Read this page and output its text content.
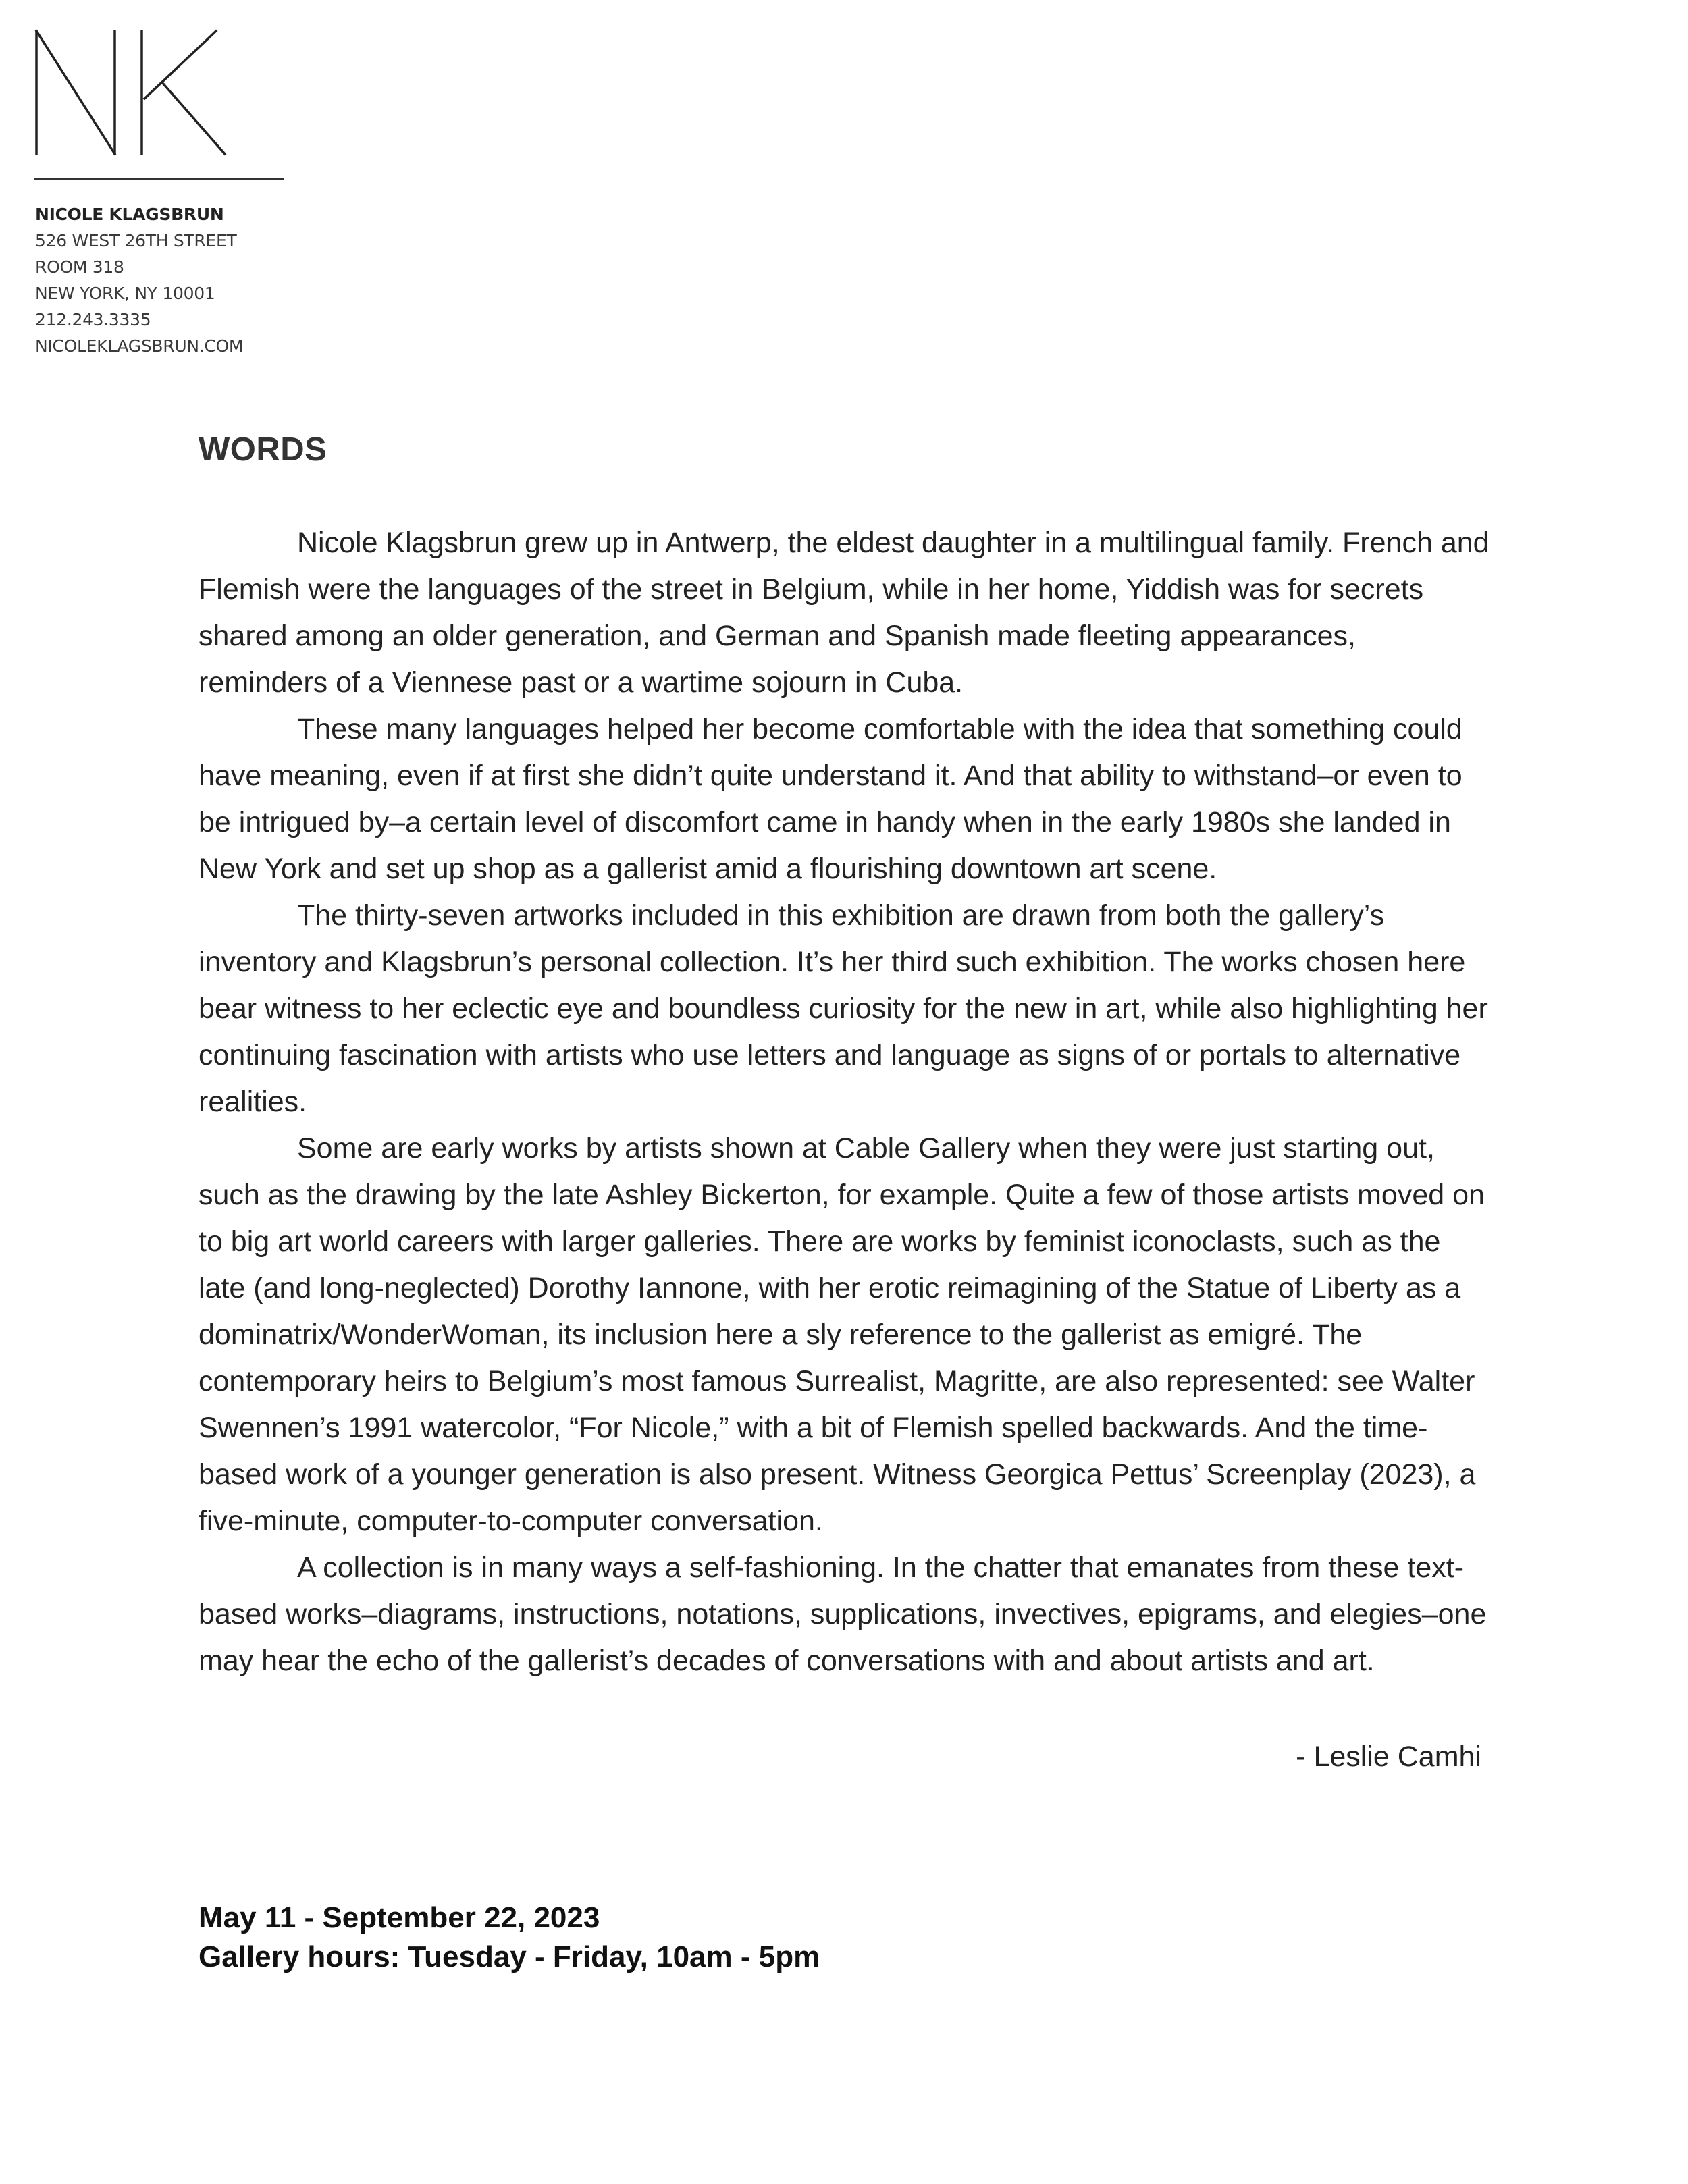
NICOLE KLAGSBRUN
526 WEST 26TH STREET
ROOM 318
NEW YORK, NY 10001
212.243.3335
NICOLEKLAGSBRUN.COM
WORDS

Nicole Klagsbrun grew up in Antwerp, the eldest daughter in a multilingual family. French and Flemish were the languages of the street in Belgium, while in her home, Yiddish was for secrets shared among an older generation, and German and Spanish made fleeting appearances, reminders of a Viennese past or a wartime sojourn in Cuba.

These many languages helped her become comfortable with the idea that something could have meaning, even if at first she didn’t quite understand it. And that ability to withstand–or even to be intrigued by–a certain level of discomfort came in handy when in the early 1980s she landed in New York and set up shop as a gallerist amid a flourishing downtown art scene.

The thirty-seven artworks included in this exhibition are drawn from both the gallery’s inventory and Klagsbrun’s personal collection. It’s her third such exhibition. The works chosen here bear witness to her eclectic eye and boundless curiosity for the new in art, while also highlighting her continuing fascination with artists who use letters and language as signs of or portals to alternative realities.

Some are early works by artists shown at Cable Gallery when they were just starting out, such as the drawing by the late Ashley Bickerton, for example. Quite a few of those artists moved on to big art world careers with larger galleries. There are works by feminist iconoclasts, such as the late (and long-neglected) Dorothy Iannone, with her erotic reimagining of the Statue of Liberty as a dominatrix/WonderWoman, its inclusion here a sly reference to the gallerist as emigré. The contemporary heirs to Belgium’s most famous Surrealist, Magritte, are also represented: see Walter Swennen’s 1991 watercolor, “For Nicole,” with a bit of Flemish spelled backwards. And the time-based work of a younger generation is also present. Witness Georgica Pettus’ Screenplay (2023), a five-minute, computer-to-computer conversation.

A collection is in many ways a self-fashioning. In the chatter that emanates from these text-based works–diagrams, instructions, notations, supplications, invectives, epigrams, and elegies–one may hear the echo of the gallerist’s decades of conversations with and about artists and art.

- Leslie Camhi
May 11 - September 22, 2023
Gallery hours: Tuesday - Friday, 10am - 5pm
